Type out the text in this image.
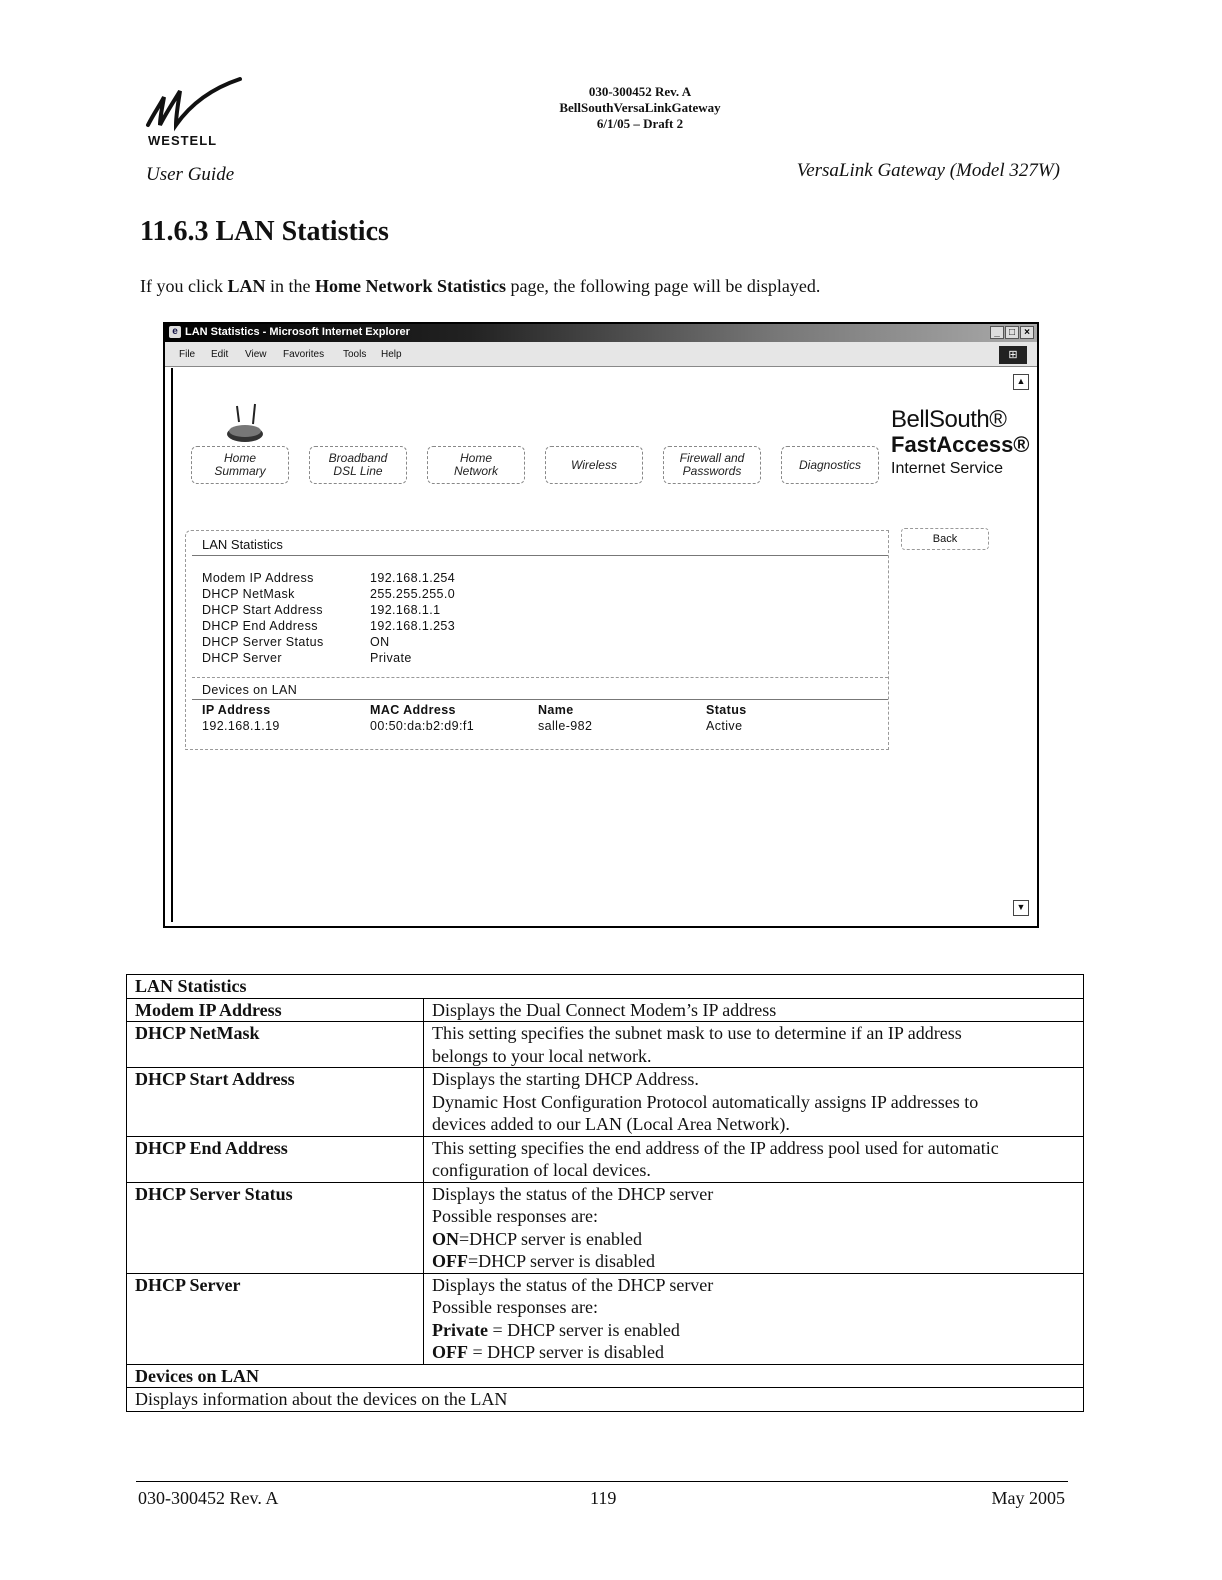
WESTELL
030-300452 Rev. A
BellSouthVersaLinkGateway
6/1/05 – Draft 2
User Guide	VersaLink Gateway (Model 327W)
11.6.3 LAN Statistics
If you click LAN in the Home Network Statistics page, the following page will be displayed.
e LAN Statistics - Microsoft Internet Explorer	_ □ ×
File Edit View Favorites Tools Help	⊞
▲
▼
Home
Summary
Broadband
DSL Line
Home
Network	Wireless	Firewall and
Passwords	Diagnostics
BellSouth®
FastAccess®
Internet Service
Back
LAN Statistics
Modem IP Address	192.168.1.254
DHCP NetMask	255.255.255.0
DHCP Start Address	192.168.1.1
DHCP End Address	192.168.1.253
DHCP Server Status	ON
DHCP Server	Private
Devices on LAN
IP Address	MAC Address	Name	Status
192.168.1.19	00:50:da:b2:d9:f1	salle-982	Active
LAN Statistics	
Modem IP Address	Displays the Dual Connect Modem’s IP address

DHCP NetMask	This setting specifies the subnet mask to use to determine if an IP address
belongs to your local network.

DHCP Start Address	Displays the starting DHCP Address.
Dynamic Host Configuration Protocol automatically assigns IP addresses to
devices added to our LAN (Local Area Network).

DHCP End Address	This setting specifies the end address of the IP address pool used for automatic
configuration of local devices.

DHCP Server Status	Displays the status of the DHCP server
Possible responses are:
ON=DHCP server is enabled
OFF=DHCP server is disabled

DHCP Server	Displays the status of the DHCP server
Possible responses are:
Private = DHCP server is enabled
OFF = DHCP server is disabled

Devices on LAN	
Displays information about the devices on the LAN	
030-300452 Rev. A	119	May 2005
